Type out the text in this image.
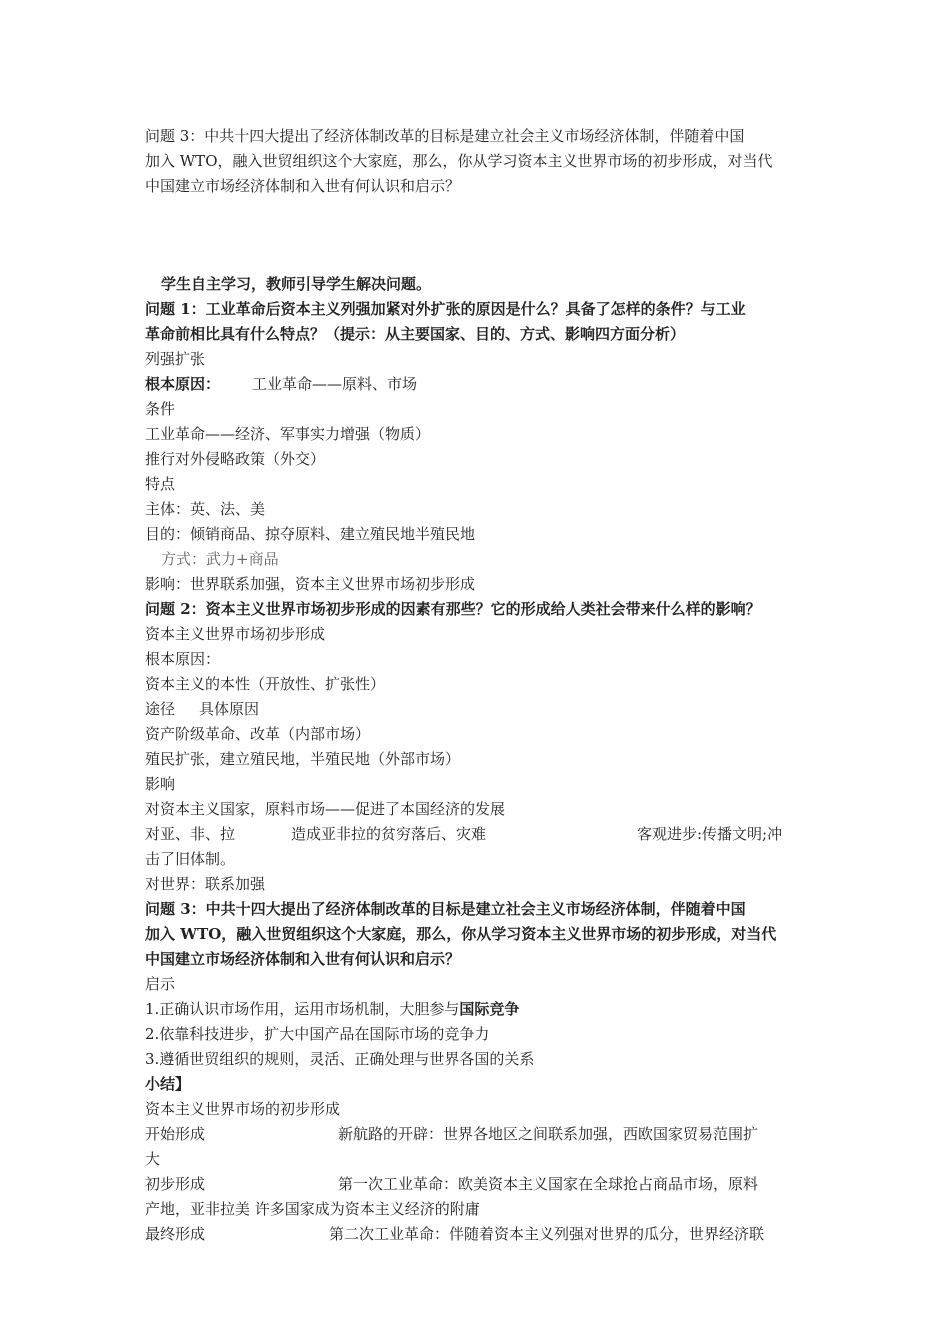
问题 3：中共十四大提出了经济体制改革的目标是建立社会主义市场经济体制，伴随着中国
加入 WTO，融入世贸组织这个大家庭，那么，你从学习资本主义世界市场的初步形成，对当代
中国建立市场经济体制和入世有何认识和启示？
学生自主学习，教师引导学生解决问题。
问题 1：工业革命后资本主义列强加紧对外扩张的原因是什么？具备了怎样的条件？与工业
革命前相比具有什么特点？（提示：从主要国家、目的、方式、影响四方面分析）
列强扩张
根本原因： 工业革命——原料、市场
条件
工业革命——经济、军事实力增强（物质）
推行对外侵略政策（外交）
特点
主体：英、法、美
目的：倾销商品、掠夺原料、建立殖民地半殖民地
方式：武力+商品
影响：世界联系加强，资本主义世界市场初步形成
问题 2：资本主义世界市场初步形成的因素有那些？它的形成给人类社会带来什么样的影响？
资本主义世界市场初步形成
根本原因：
资本主义的本性（开放性、扩张性）
途径 具体原因
资产阶级革命、改革（内部市场）
殖民扩张，建立殖民地，半殖民地（外部市场）
影响
对资本主义国家，原料市场——促进了本国经济的发展
对亚、非、拉	造成亚非拉的贫穷落后、灾难	客观进步:传播文明;冲
击了旧体制。
对世界：联系加强
问题 3：中共十四大提出了经济体制改革的目标是建立社会主义市场经济体制，伴随着中国
加入 WTO，融入世贸组织这个大家庭，那么，你从学习资本主义世界市场的初步形成，对当代
中国建立市场经济体制和入世有何认识和启示？
启示
1.正确认识市场作用，运用市场机制，大胆参与国际竞争
2.依靠科技进步，扩大中国产品在国际市场的竞争力
3.遵循世贸组织的规则，灵活、正确处理与世界各国的关系
小结】
资本主义世界市场的初步形成
开始形成	新航路的开辟：世界各地区之间联系加强，西欧国家贸易范围扩
大
初步形成	第一次工业革命：欧美资本主义国家在全球抢占商品市场，原料
产地，亚非拉美 许多国家成为资本主义经济的附庸
最终形成	第二次工业革命：伴随着资本主义列强对世界的瓜分，世界经济联
